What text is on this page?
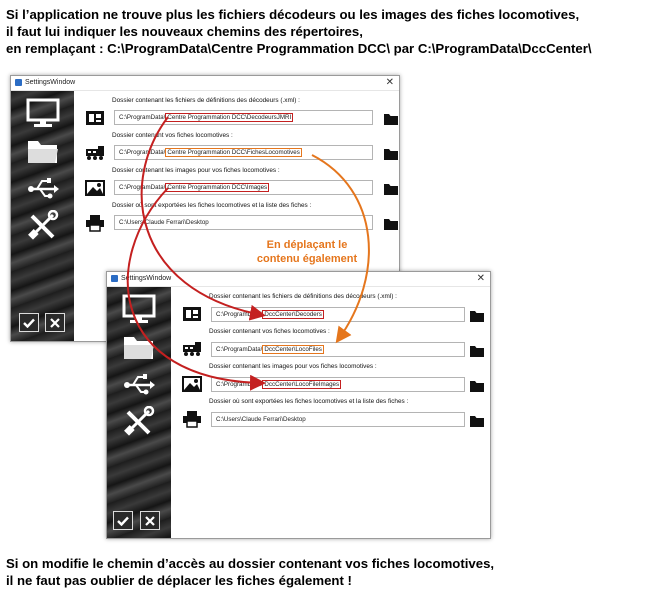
Si l’application ne trouve plus les fichiers décodeurs ou les images des fiches locomotives,
il faut lui indiquer les nouveaux chemins des répertoires,
en remplaçant : C:\ProgramData\Centre Programmation DCC\ par C:\ProgramData\DccCenter\
SettingsWindow	✕
Dossier contenant les fichiers de définitions des décodeurs (.xml) :
C:\ProgramData\ Centre Programmation DCC\DecodeursJMRI
Dossier contenant vos fiches locomotives :
C:\ProgramData\ Centre Programmation DCC\FichesLocomotives
Dossier contenant les images pour vos fiches locomotives :
C:\ProgramData\ Centre Programmation DCC\Images
Dossier où sont exportées les fiches locomotives et la liste des fiches :
C:\Users\Claude Ferrari\Desktop
En déplaçant le
contenu également
SettingsWindow	✕
Dossier contenant les fichiers de définitions des décodeurs (.xml) :
C:\ProgramData\ DccCenter\Decoders
Dossier contenant vos fiches locomotives :
C:\ProgramData\ DccCenter\LocoFiles
Dossier contenant les images pour vos fiches locomotives :
C:\ProgramData\ DccCenter\LocoFileImages
Dossier où sont exportées les fiches locomotives et la liste des fiches :
C:\Users\Claude Ferrari\Desktop
Si on modifie le chemin d’accès au dossier contenant vos fiches locomotives,
il ne faut pas oublier de déplacer les fiches également !
